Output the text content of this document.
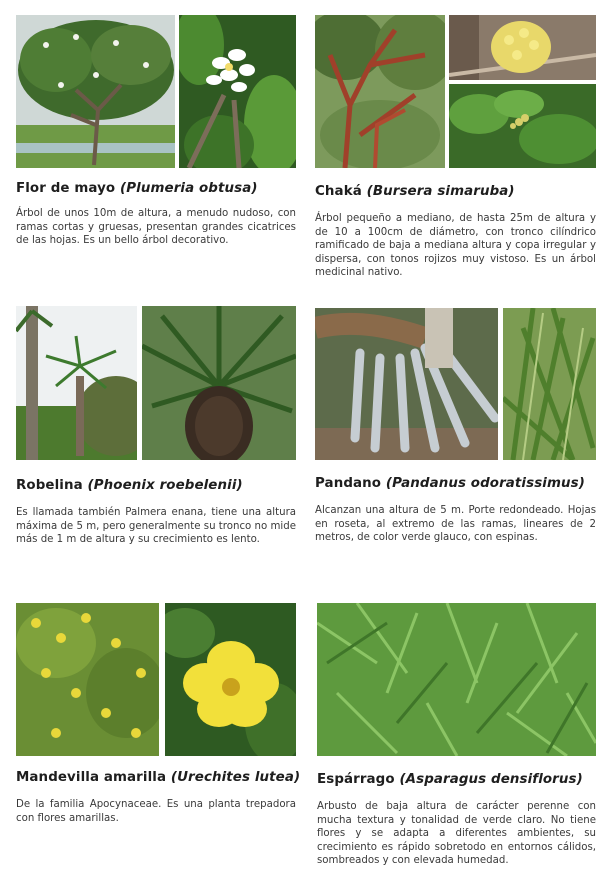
Flor de mayo (Plumeria obtusa)	Chaká (Bursera simaruba)
Robelina (Phoenix roebelenii)	Pandano (Pandanus odoratissimus)
Mandevilla amarilla (Urechites lutea) Espárrago (Asparagus densiflorus)

Árbol de unos 10m de altura, a menudo nudoso, con ramas cortas y gruesas, presentan grandes cicatrices de las hojas. Es un bello árbol decorativo.

Árbol pequeño a mediano, de hasta 25m de altura y de 10 a 100cm de diámetro, con tronco cilíndrico ramificado de baja a mediana altura y copa irregular y dispersa, con tonos rojizos muy vistoso. Es un árbol medicinal nativo.

Es llamada también Palmera enana, tiene una altura máxima de 5 m, pero generalmente su tronco no mide más de 1 m de altura y su crecimiento es lento.

Alcanzan una altura de 5 m. Porte redondeado. Hojas en roseta, al extremo de las ramas, lineares de 2 metros, de color verde glauco, con espinas.

De la familia Apocynaceae. Es una planta trepadora con flores amarillas.

Arbusto de baja altura de carácter perenne con mucha textura y tonalidad de verde claro. No tiene flores y se adapta a diferentes ambientes, su crecimiento es rápido sobretodo en entornos cálidos, sombreados y con elevada humedad.
